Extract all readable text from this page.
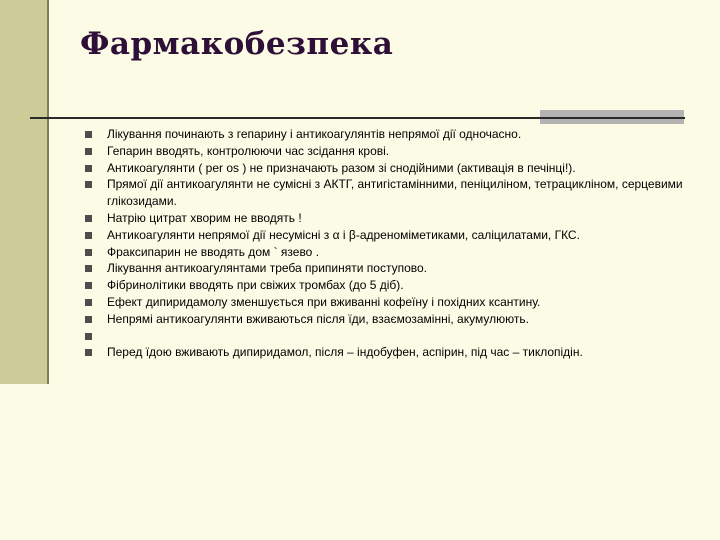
Фармакобезпека
Лікування починають з гепарину і антикоагулянтів непрямої дії одночасно.
Гепарин вводять, контролюючи час зсідання крові.
Антикоагулянти ( per os ) не призначають разом зі снодійними (активація в печінці!).
Прямої дії антикоагулянти не сумісні з АКТГ, антигістамінними, пеніциліном, тетрацикліном, серцевими глікозидами.
Натрію цитрат хворим не вводять !
Антикоагулянти непрямої дії несумісні з α і β-адреноміметиками, саліцилатами, ГКС.
Фраксипарин не вводять дом ` язево .
Лікування антикоагулянтами треба припиняти поступово.
Фібринолітики вводять при свіжих тромбах (до 5 діб).
Ефект дипиридамолу зменшується при вживанні кофеїну і похідних ксантину.
Непрямі антикоагулянти вживаються після їди, взаємозамінні, акумулюють.
Перед їдою вживають дипиридамол, після – індобуфен, аспірин, під час – тиклопідін.
